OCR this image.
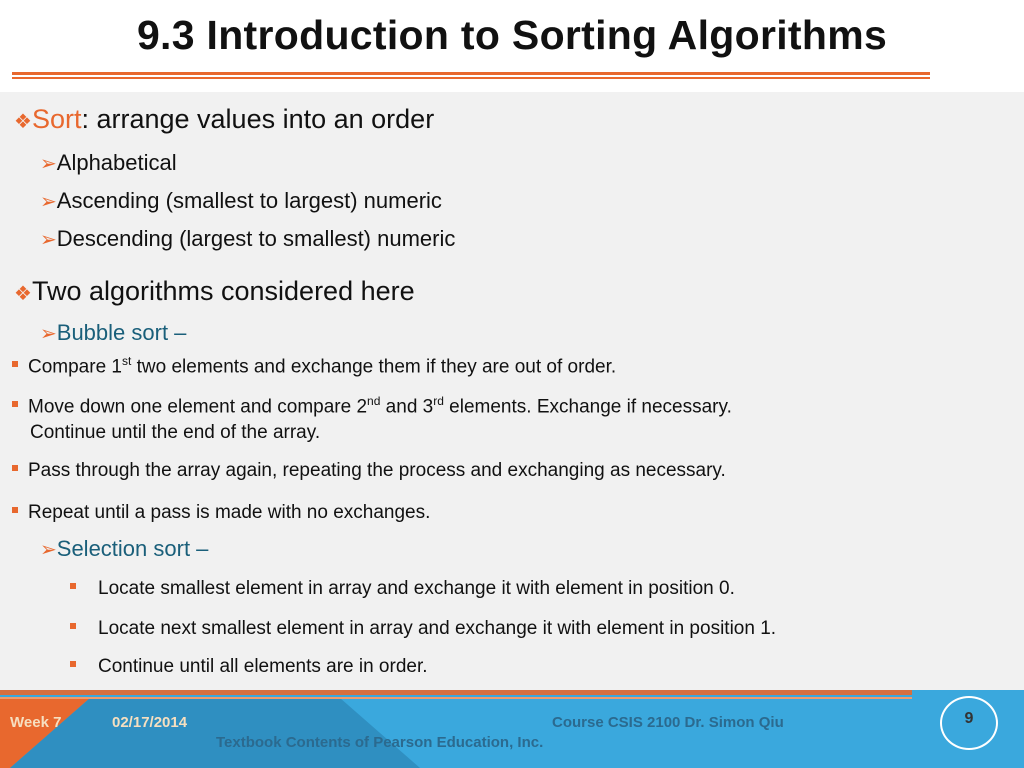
9.3 Introduction to Sorting Algorithms
❖Sort: arrange values into an order
➢Alphabetical
➢Ascending (smallest to largest) numeric
➢Descending (largest to smallest) numeric
❖Two algorithms considered here
➢Bubble sort –
Compare 1st two elements and exchange them if they are out of order.
Move down one element and compare 2nd and 3rd elements. Exchange if necessary.
Continue until the end of the array.
Pass through the array again, repeating the process and exchanging as necessary.
Repeat until a pass is made with no exchanges.
➢Selection sort –
Locate smallest element in array and exchange it with element in position 0.
Locate next smallest element in array and exchange it with element in position 1.
Continue until all elements are in order.
Week 7	02/17/2014	Course CSIS 2100 Dr. Simon Qiu
Textbook Contents of Pearson Education, Inc.
9
